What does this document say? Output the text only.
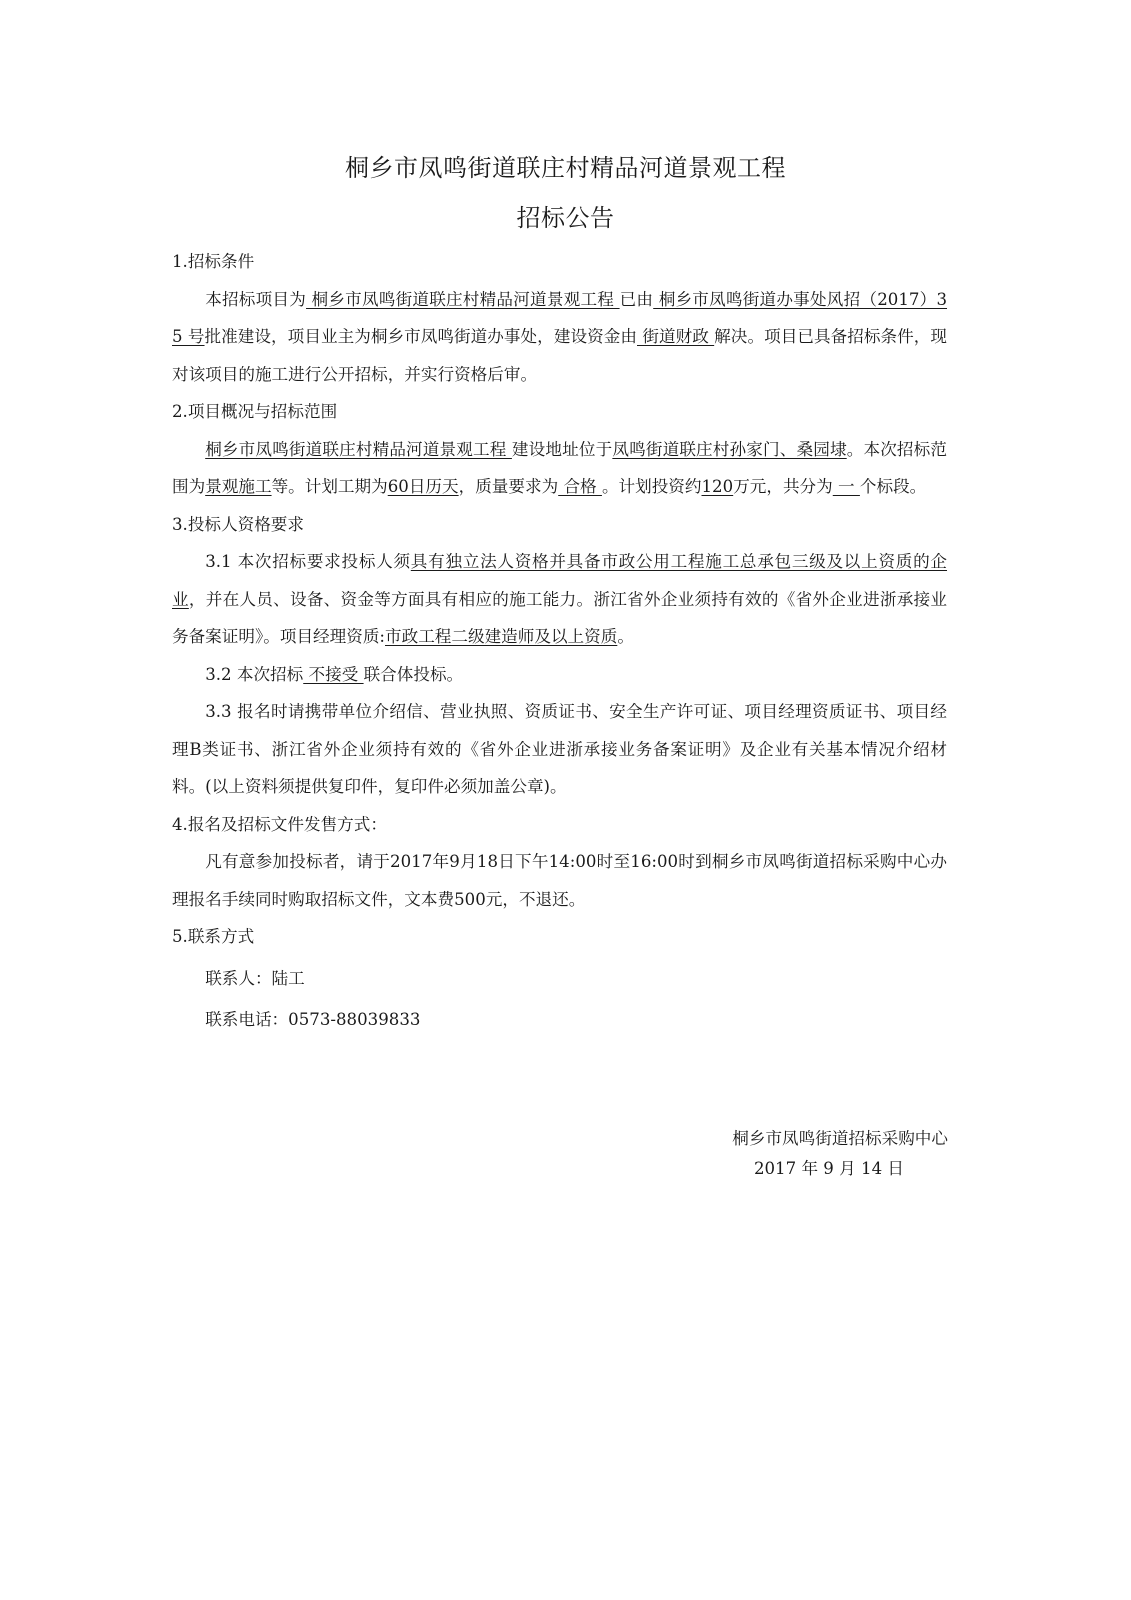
桐乡市凤鸣街道联庄村精品河道景观工程
招标公告
1.招标条件

本招标项目为 桐乡市凤鸣街道联庄村精品河道景观工程 已由 桐乡市凤鸣街道办事处风招（2017）35 号批准建设，项目业主为桐乡市凤鸣街道办事处，建设资金由 街道财政 解决。项目已具备招标条件，现对该项目的施工进行公开招标，并实行资格后审。

2.项目概况与招标范围

桐乡市凤鸣街道联庄村精品河道景观工程 建设地址位于凤鸣街道联庄村孙家门、桑园埭。本次招标范围为景观施工等。计划工期为60日历天，质量要求为 合格 。计划投资约120万元，共分为 一 个标段。

3.投标人资格要求

3.1 本次招标要求投标人须具有独立法人资格并具备市政公用工程施工总承包三级及以上资质的企业，并在人员、设备、资金等方面具有相应的施工能力。浙江省外企业须持有效的《省外企业进浙承接业务备案证明》。项目经理资质:市政工程二级建造师及以上资质。

3.2 本次招标 不接受 联合体投标。

3.3 报名时请携带单位介绍信、营业执照、资质证书、安全生产许可证、项目经理资质证书、项目经理B类证书、浙江省外企业须持有效的《省外企业进浙承接业务备案证明》及企业有关基本情况介绍材料。(以上资料须提供复印件，复印件必须加盖公章)。

4.报名及招标文件发售方式：

凡有意参加投标者，请于2017年9月18日下午14:00时至16:00时到桐乡市凤鸣街道招标采购中心办理报名手续同时购取招标文件，文本费500元，不退还。

5.联系方式

联系人：陆工

联系电话：0573-88039833

桐乡市凤鸣街道招标采购中心
2017 年 9 月 14 日
